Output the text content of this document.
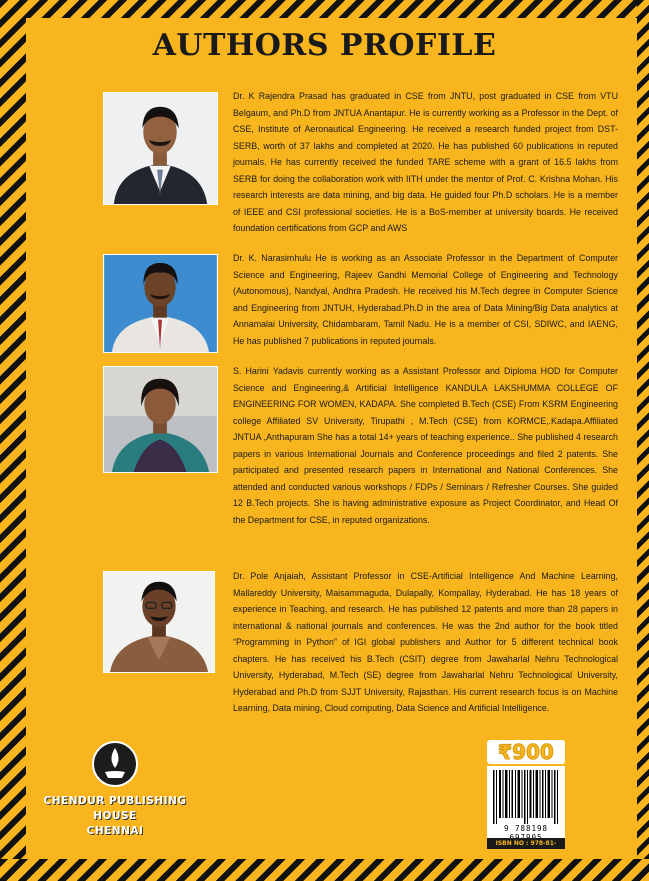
AUTHORS PROFILE

Dr. K Rajendra Prasad has graduated in CSE from JNTU, post graduated in CSE from VTU Belgaum, and Ph.D from JNTUA Anantapur. He is currently working as a Professor in the Dept. of CSE, Institute of Aeronautical Engineering. He received a research funded project from DST-SERB, worth of 37 lakhs and completed at 2020. He has published 60 publications in reputed journals. He has currently received the funded TARE scheme with a grant of 16.5 lakhs from SERB for doing the collaboration work with IITH under the mentor of Prof. C. Krishna Mohan. His research interests are data mining, and big data. He guided four Ph.D scholars. He is a member of IEEE and CSI professional societies. He is a BoS-member at university boards. He received foundation certifications from GCP and AWS

Dr. K. Narasimhulu He is working as an Associate Professor in the Department of Computer Science and Engineering, Rajeev Gandhi Memorial College of Engineering and Technology (Autonomous), Nandyal, Andhra Pradesh. He received his M.Tech degree in Computer Science and Engineering from JNTUH, Hyderabad.Ph.D in the area of Data Mining/Big Data analytics at Annamalai University, Chidambaram, Tamil Nadu. He is a member of CSI, SDIWC, and IAENG, He has published 7 publications in reputed journals.

S. Harini Yadavis currently working as a Assistant Professor and Diploma HOD for Computer Science and Engineering,& Artificial Intelligence KANDULA LAKSHUMMA COLLEGE OF ENGINEERING FOR WOMEN, KADAPA. She completed B.Tech (CSE) From KSRM Engineering college Affiliated SV University, Tirupathi , M.Tech (CSE) from KORMCE,.Kadapa.Affiliated JNTUA ,Anthapuram She has a total 14+ years of teaching experience.. She published 4 research papers in various International Journals and Conference proceedings and filed 2 patents. She participated and presented research papers in International and National Conferences. She attended and conducted various workshops / FDPs / Seminars / Refresher Courses. She guided 12 B.Tech projects. She is having administrative exposure as Project Coordinator, and Head Of the Department for CSE, in reputed organizations.

Dr. Pole Anjaiah, Assistant Professor in CSE-Artificial Intelligence And Machine Learning, Mallareddy University, Maisammaguda, Dulapally, Kompallay, Hyderabad. He has 18 years of experience in Teaching, and research. He has published 12 patents and more than 28 papers in international & national journals and conferences. He was the 2nd author for the book titled “Programming in Python” of IGI global publishers and Author for 5 different technical book chapters. He has received his B.Tech (CSIT) degree from Jawaharlal Nehru Technological University, Hyderabad, M.Tech (SE) degree from Jawaharlal Nehru Technological University, Hyderabad and Ph.D from SJJT University, Rajasthan. His current research focus is on Machine Learning, Data mining, Cloud computing, Data Science and Artificial Intelligence.

CHENDUR PUBLISHING HOUSE
CHENNAI
₹900
9 788198
ISBN NO : 978-81-986979-0-5
